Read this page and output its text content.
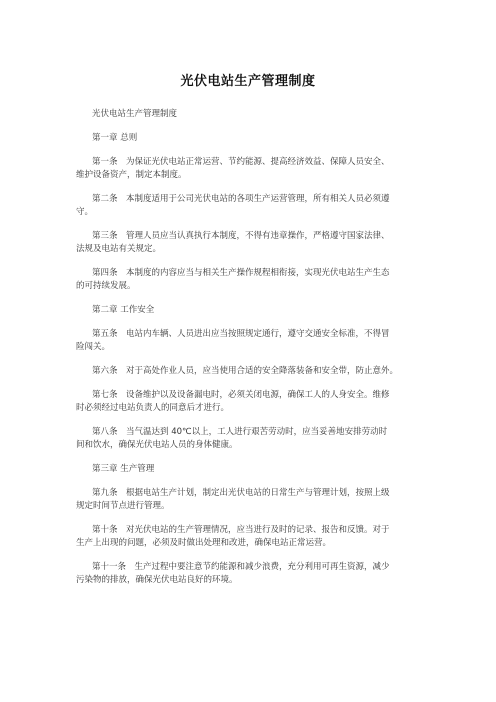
光伏电站生产管理制度
光伏电站生产管理制度
第一章 总则
第一条　为保证光伏电站正常运营、节约能源、提高经济效益、保障人员安全、
维护设备资产，制定本制度。
第二条　本制度适用于公司光伏电站的各项生产运营管理，所有相关人员必须遵
守。
第三条　管理人员应当认真执行本制度，不得有违章操作，严格遵守国家法律、
法规及电站有关规定。
第四条　本制度的内容应当与相关生产操作规程相衔接，实现光伏电站生产生态
的可持续发展。
第二章 工作安全
第五条　电站内车辆、人员进出应当按照规定通行，遵守交通安全标准，不得冒
险闯关。
第六条　对于高处作业人员，应当使用合适的安全降落装备和安全带，防止意外。
第七条　设备维护以及设备漏电时，必须关闭电源，确保工人的人身安全。维修
时必须经过电站负责人的同意后才进行。
第八条　当气温达到 40℃以上，工人进行艰苦劳动时，应当妥善地安排劳动时
间和饮水，确保光伏电站人员的身体健康。
第三章 生产管理
第九条　根据电站生产计划，制定出光伏电站的日常生产与管理计划，按照上级
规定时间节点进行管理。
第十条　对光伏电站的生产管理情况，应当进行及时的记录、报告和反馈。对于
生产上出现的问题，必须及时做出处理和改进，确保电站正常运营。
第十一条　生产过程中要注意节约能源和减少浪费，充分利用可再生资源，减少
污染物的排放，确保光伏电站良好的环境。
